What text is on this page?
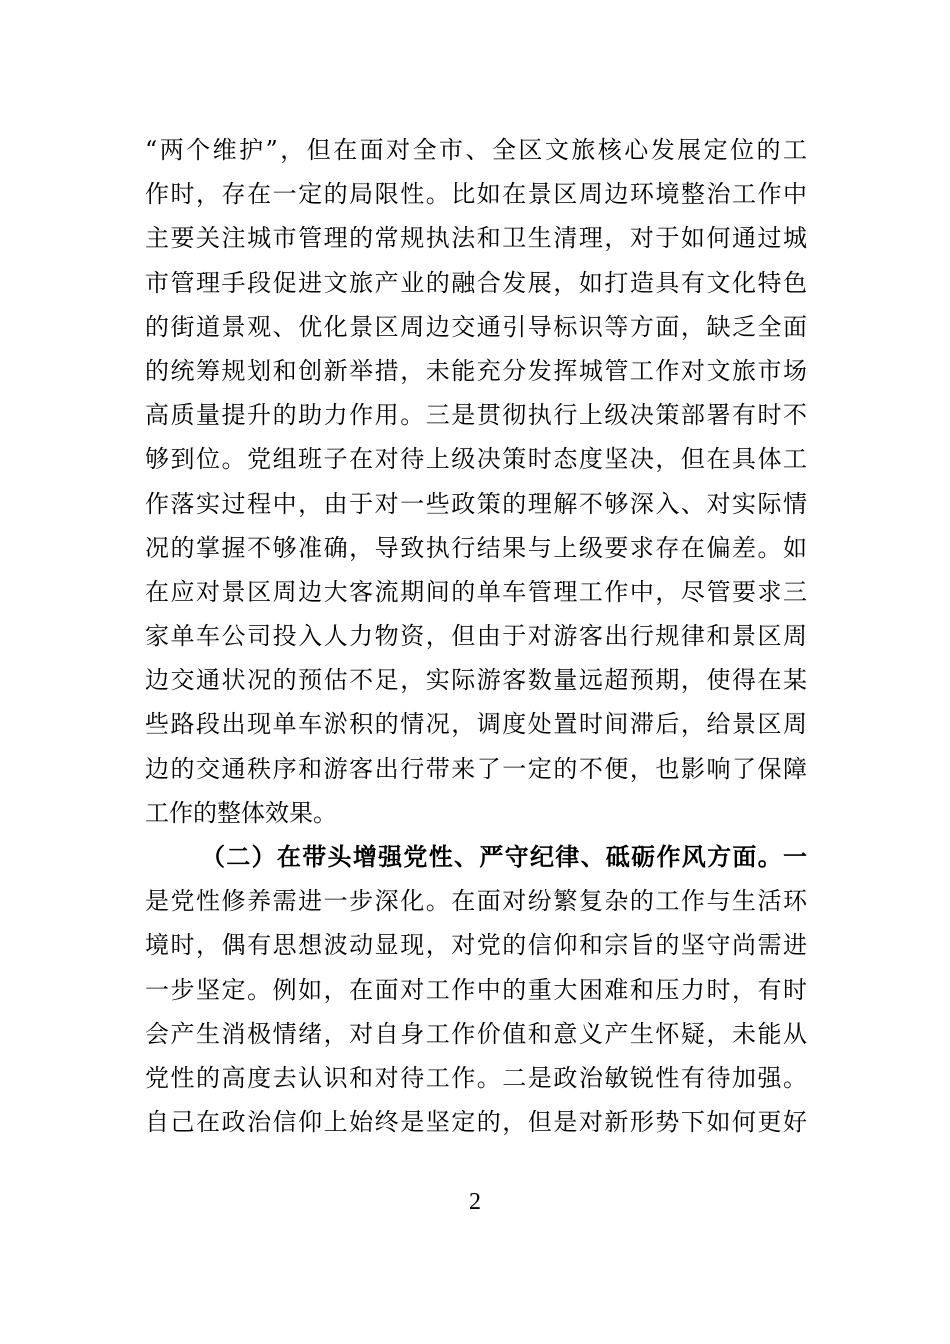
“两个维护”，但在面对全市、全区文旅核心发展定位的工
作时，存在一定的局限性。比如在景区周边环境整治工作中
主要关注城市管理的常规执法和卫生清理，对于如何通过城
市管理手段促进文旅产业的融合发展，如打造具有文化特色
的街道景观、优化景区周边交通引导标识等方面，缺乏全面
的统筹规划和创新举措，未能充分发挥城管工作对文旅市场
高质量提升的助力作用。三是贯彻执行上级决策部署有时不
够到位。党组班子在对待上级决策时态度坚决，但在具体工
作落实过程中，由于对一些政策的理解不够深入、对实际情
况的掌握不够准确，导致执行结果与上级要求存在偏差。如
在应对景区周边大客流期间的单车管理工作中，尽管要求三
家单车公司投入人力物资，但由于对游客出行规律和景区周
边交通状况的预估不足，实际游客数量远超预期，使得在某
些路段出现单车淤积的情况，调度处置时间滞后，给景区周
边的交通秩序和游客出行带来了一定的不便，也影响了保障
工作的整体效果。
（二）在带头增强党性、严守纪律、砥砺作风方面。一
是党性修养需进一步深化。在面对纷繁复杂的工作与生活环
境时，偶有思想波动显现，对党的信仰和宗旨的坚守尚需进
一步坚定。例如，在面对工作中的重大困难和压力时，有时
会产生消极情绪，对自身工作价值和意义产生怀疑，未能从
党性的高度去认识和对待工作。二是政治敏锐性有待加强。
自己在政治信仰上始终是坚定的，但是对新形势下如何更好
2
